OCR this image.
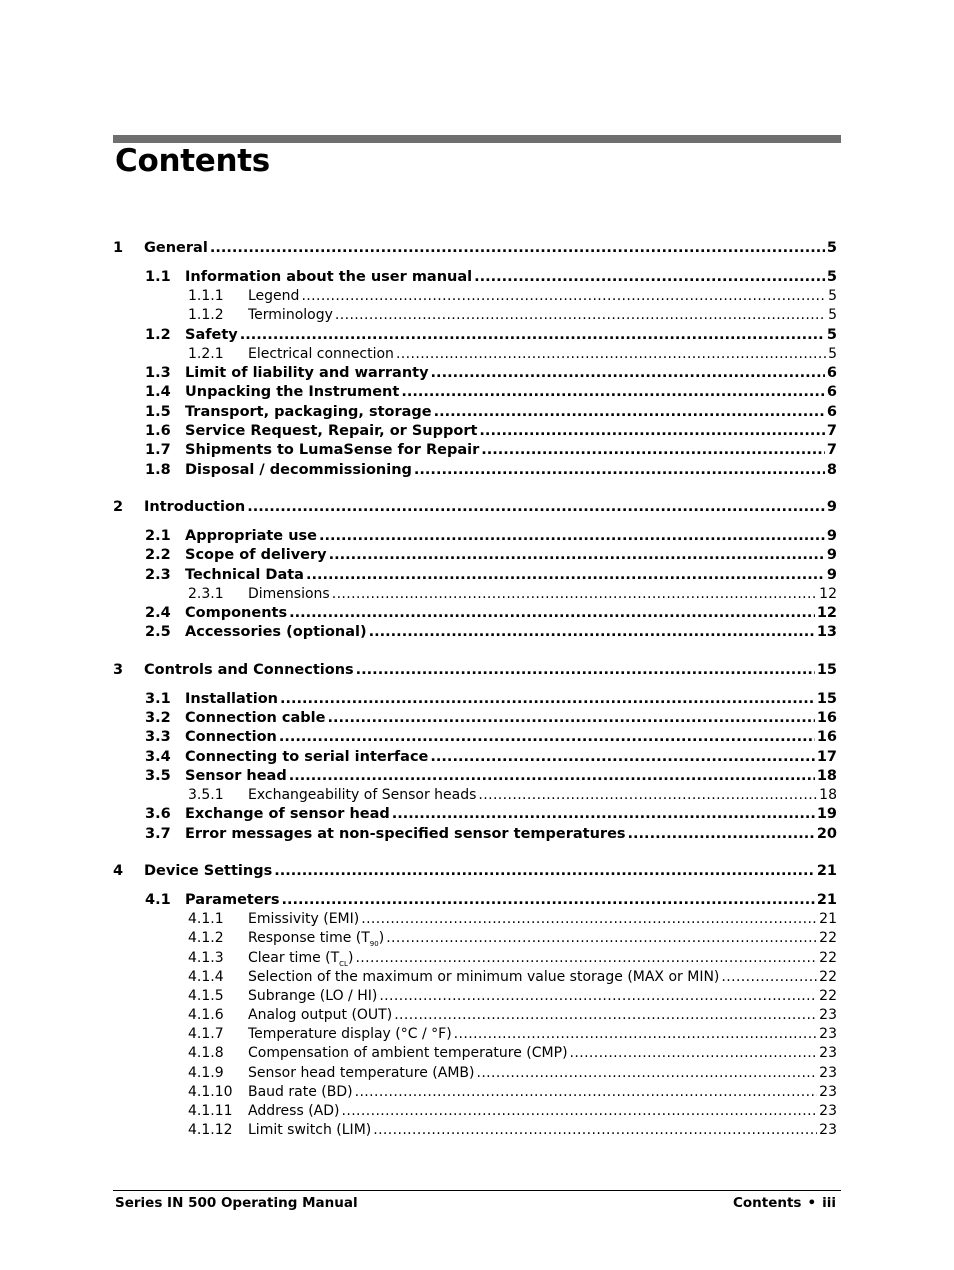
Contents
1	General .....	5
1.1 Information about the user manual .....	5
1.1.1	Legend .....	5
1.1.2	Terminology .....	5
1.2 Safety .....	5
1.2.1	Electrical connection .....	5
1.3 Limit of liability and warranty .....	6
1.4 Unpacking the Instrument .....	6
1.5 Transport, packaging, storage .....	6
1.6 Service Request, Repair, or Support .....	7
1.7 Shipments to LumaSense for Repair .....	7
1.8 Disposal / decommissioning .....	8
2	Introduction .....	9
2.1 Appropriate use .....	9
2.2 Scope of delivery .....	9
2.3 Technical Data .....	9
2.3.1	Dimensions .....	12
2.4 Components .....	12
2.5 Accessories (optional) .....	13
3	Controls and Connections .....	15
3.1 Installation .....	15
3.2 Connection cable .....	16
3.3 Connection .....	16
3.4 Connecting to serial interface .....	17
3.5 Sensor head .....	18
3.5.1	Exchangeability of Sensor heads .....	18
3.6 Exchange of sensor head .....	19
3.7 Error messages at non-specified sensor temperatures .....	20
4	Device Settings .....	21
4.1 Parameters .....	21
4.1.1	Emissivity (EMI) .....	21
4.1.2	Response time $(T_{90})$ .....	22
4.1.3	Clear time $(T_{CL})$ .....	22
4.1.4	Selection of the maximum or minimum value storage (MAX or MIN) .....	22
4.1.5	Subrange (LO / HI) .....	22
4.1.6	Analog output (OUT) .....	23
4.1.7	Temperature display (°C / °F) .....	23
4.1.8	Compensation of ambient temperature (CMP) .....	23
4.1.9	Sensor head temperature (AMB) .....	23
4.1.10	Baud rate (BD) .....	23
4.1.11	Address (AD) .....	23
4.1.12	Limit switch (LIM) .....	23
Series IN 500 Operating Manual	Contents • iii
